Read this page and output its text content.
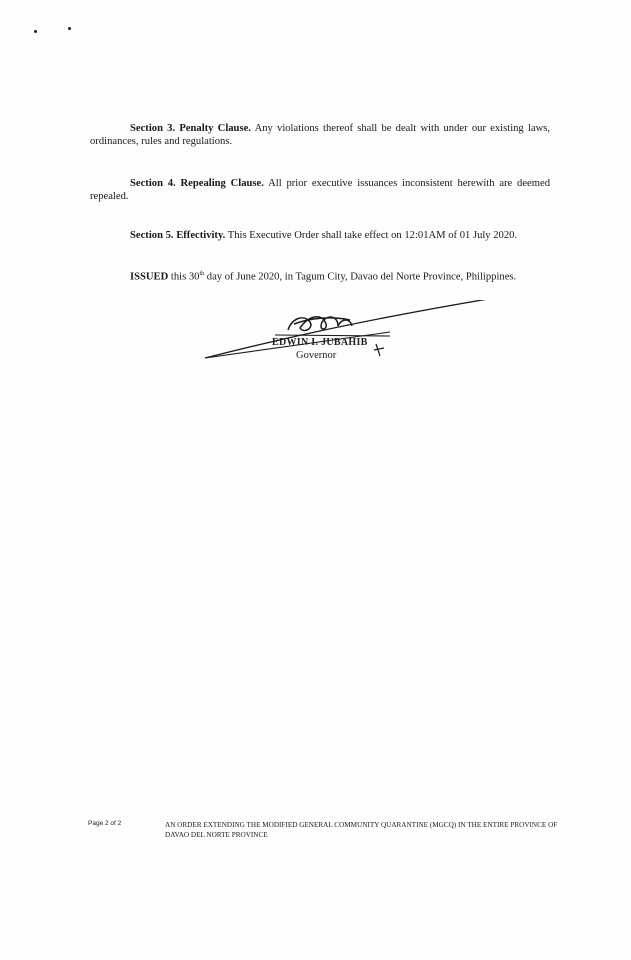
Section 3. Penalty Clause. Any violations thereof shall be dealt with under our existing laws, ordinances, rules and regulations.
Section 4. Repealing Clause. All prior executive issuances inconsistent herewith are deemed repealed.
Section 5. Effectivity. This Executive Order shall take effect on 12:01AM of 01 July 2020.
ISSUED this 30th day of June 2020, in Tagum City, Davao del Norte Province, Philippines.
EDWIN I. JUBAHIB
Governor
Page 2 of 2	AN ORDER EXTENDING THE MODIFIED GENERAL COMMUNITY QUARANTINE (MGCQ) IN THE ENTIRE PROVINCE OF DAVAO DEL NORTE PROVINCE
